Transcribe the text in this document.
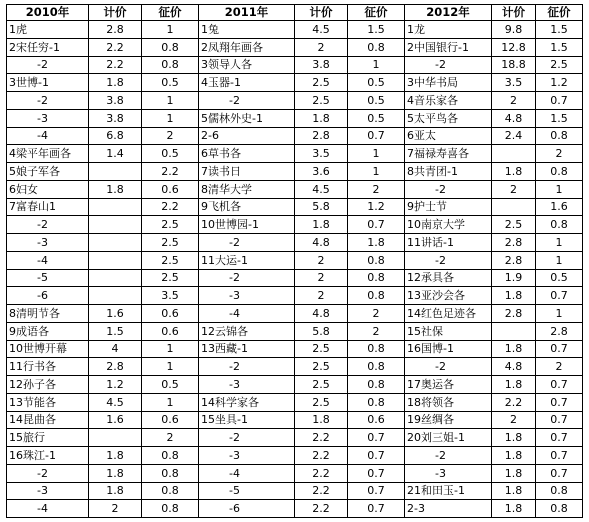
2010年	计价	征价	2011年	计价	征价	2012年	计价	征价
1虎	2.8	1	1兔	4.5	1.5	1龙	9.8	1.5
2宋任穷-1	2.2	0.8	2凤翔年画各	2	0.8	2中国银行-1	12.8	1.5
-2	2.2	0.8	3领导人各	3.8	1	-2	18.8	2.5
3世博-1	1.8	0.5	4玉器-1	2.5	0.5	3中华书局	3.5	1.2
-2	3.8	1	-2	2.5	0.5	4音乐家各	2	0.7
-3	3.8	1	5儒林外史-1	1.8	0.5	5太平鸟各	4.8	1.5
-4	6.8	2	2-6	2.8	0.7	6亚太	2.4	0.8
4梁平年画各	1.4	0.5	6草书各	3.5	1	7福禄寿喜各		2
5娘子军各		2.2	7读书日	3.6	1	8共青团-1	1.8	0.8
6妇女	1.8	0.6	8清华大学	4.5	2	-2	2	1
7富春山1		2.2	9飞机各	5.8	1.2	9护士节		1.6
-2		2.5	10世博园-1	1.8	0.7	10南京大学	2.5	0.8
-3		2.5	-2	4.8	1.8	11讲话-1	2.8	1
-4		2.5	11大运-1	2	0.8	-2	2.8	1
-5		2.5	-2	2	0.8	12承具各	1.9	0.5
-6		3.5	-3	2	0.8	13亚沙会各	1.8	0.7
8清明节各	1.6	0.6	-4	4.8	2	14红色足迹各	2.8	1
9成语各	1.5	0.6	12云锦各	5.8	2	15社保		2.8
10世博开幕	4	1	13西藏-1	2.5	0.8	16国博-1	1.8	0.7
11行书各	2.8	1	-2	2.5	0.8	-2	4.8	2
12孙子各	1.2	0.5	-3	2.5	0.8	17奥运各	1.8	0.7
13节能各	4.5	1	14科学家各	2.5	0.8	18将领各	2.2	0.7
14昆曲各	1.6	0.6	15坐具-1	1.8	0.6	19丝绸各	2	0.7
15旅行		2	-2	2.2	0.7	20刘三姐-1	1.8	0.7
16珠江-1	1.8	0.8	-3	2.2	0.7	-2	1.8	0.7
-2	1.8	0.8	-4	2.2	0.7	-3	1.8	0.7
-3	1.8	0.8	-5	2.2	0.7	21和田玉-1	1.8	0.8
-4	2	0.8	-6	2.2	0.7	2-3	1.8	0.8
